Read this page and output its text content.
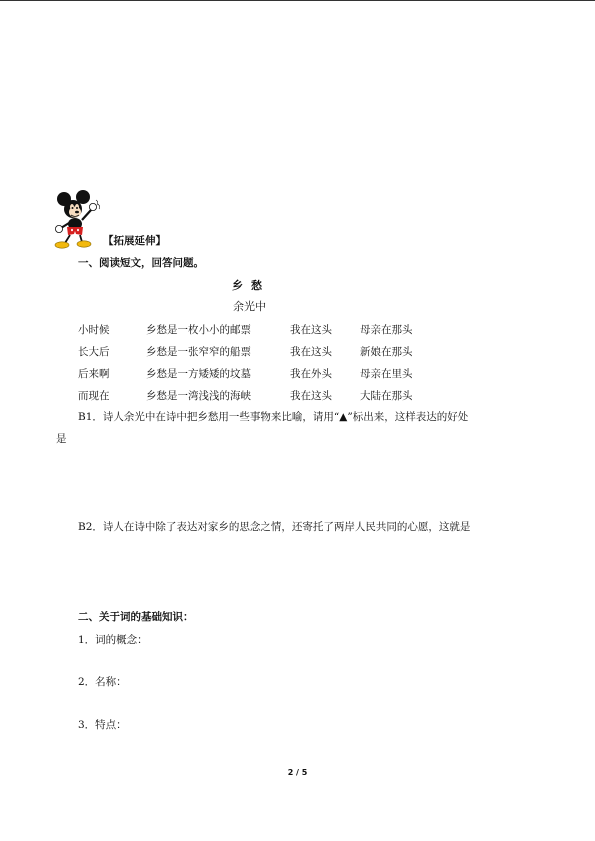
【拓展延伸】
一、阅读短文，回答问题。
乡愁
余光中
小时候	乡愁是一枚小小的邮票	我在这头	母亲在那头
长大后	乡愁是一张窄窄的船票	我在这头	新娘在那头
后来啊	乡愁是一方矮矮的坟墓	我在外头	母亲在里头
而现在	乡愁是一湾浅浅的海峡	我在这头	大陆在那头
B1．诗人余光中在诗中把乡愁用一些事物来比喻，请用“▲”标出来，这样表达的好处
是
B2．诗人在诗中除了表达对家乡的思念之情，还寄托了两岸人民共同的心愿，这就是
二、关于词的基础知识：
1．词的概念：
2．名称：
3．特点：
2 / 5
